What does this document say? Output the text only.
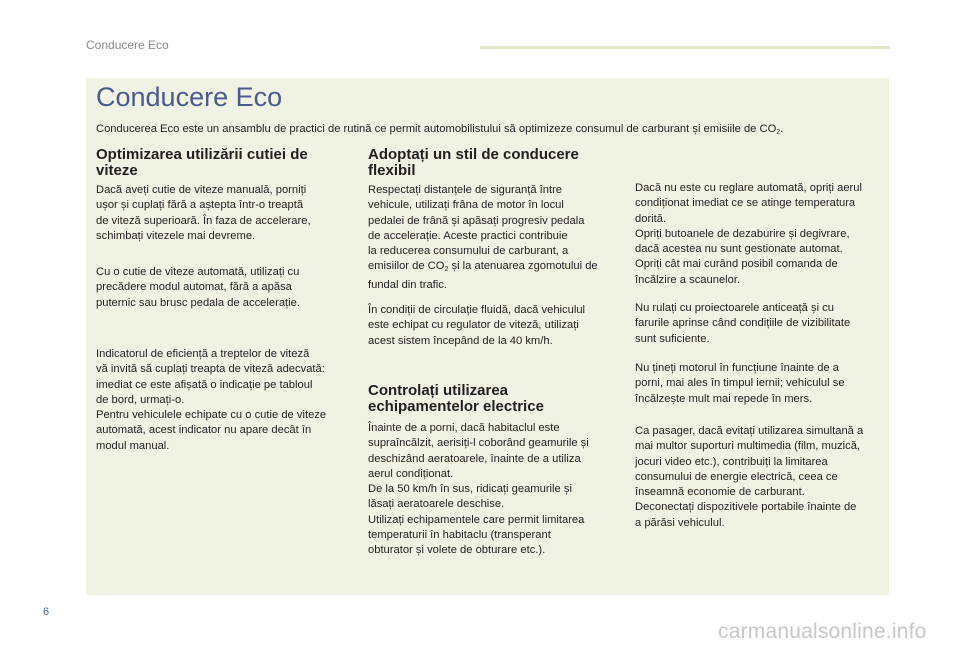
Conducere Eco
Conducere Eco
Conducerea Eco este un ansamblu de practici de rutină ce permit automobilistului să optimizeze consumul de carburant și emisiile de $CO_2$.
Optimizarea utilizării cutiei de
viteze

Dacă aveți cutie de viteze manuală, porniți
ușor și cuplați fără a aștepta într-o treaptă
de viteză superioară. În faza de accelerare,
schimbați vitezele mai devreme.

Cu o cutie de viteze automată, utilizați cu
precădere modul automat, fără a apăsa
puternic sau brusc pedala de accelerație.

Indicatorul de eficiență a treptelor de viteză
vă invită să cuplați treapta de viteză adecvată:
imediat ce este afișată o indicație pe tabloul
de bord, urmați-o.
Pentru vehiculele echipate cu o cutie de viteze
automată, acest indicator nu apare decât în
modul manual.

Adoptați un stil de conducere
flexibil

Respectați distanțele de siguranță între
vehicule, utilizați frâna de motor în locul
pedalei de frână și apăsați progresiv pedala
de accelerație. Aceste practici contribuie
la reducerea consumului de carburant, a
emisiilor de $CO_2$ și la atenuarea zgomotului de
fundal din trafic.

În condiții de circulație fluidă, dacă vehiculul
este echipat cu regulator de viteză, utilizați
acest sistem începând de la 40 km/h.

Controlați utilizarea
echipamentelor electrice

Înainte de a porni, dacă habitaclul este
supraîncălzit, aerisiți-l coborând geamurile și
deschizând aeratoarele, înainte de a utiliza
aerul condiționat.
De la 50 km/h în sus, ridicați geamurile și
lăsați aeratoarele deschise.
Utilizați echipamentele care permit limitarea
temperaturii în habitaclu (transperant
obturator și volete de obturare etc.).

Dacă nu este cu reglare automată, opriți aerul
condiționat imediat ce se atinge temperatura
dorită.
Opriți butoanele de dezaburire și degivrare,
dacă acestea nu sunt gestionate automat.
Opriți cât mai curând posibil comanda de
încălzire a scaunelor.

Nu rulați cu proiectoarele anticeață și cu
farurile aprinse când condițiile de vizibilitate
sunt suficiente.

Nu țineți motorul în funcțiune înainte de a
porni, mai ales în timpul iernii; vehiculul se
încălzește mult mai repede în mers.

Ca pasager, dacă evitați utilizarea simultană a
mai multor suporturi multimedia (film, muzică,
jocuri video etc.), contribuiți la limitarea
consumului de energie electrică, ceea ce
înseamnă economie de carburant.
Deconectați dispozitivele portabile înainte de
a părăsi vehiculul.

6
carmanualsonline.info
